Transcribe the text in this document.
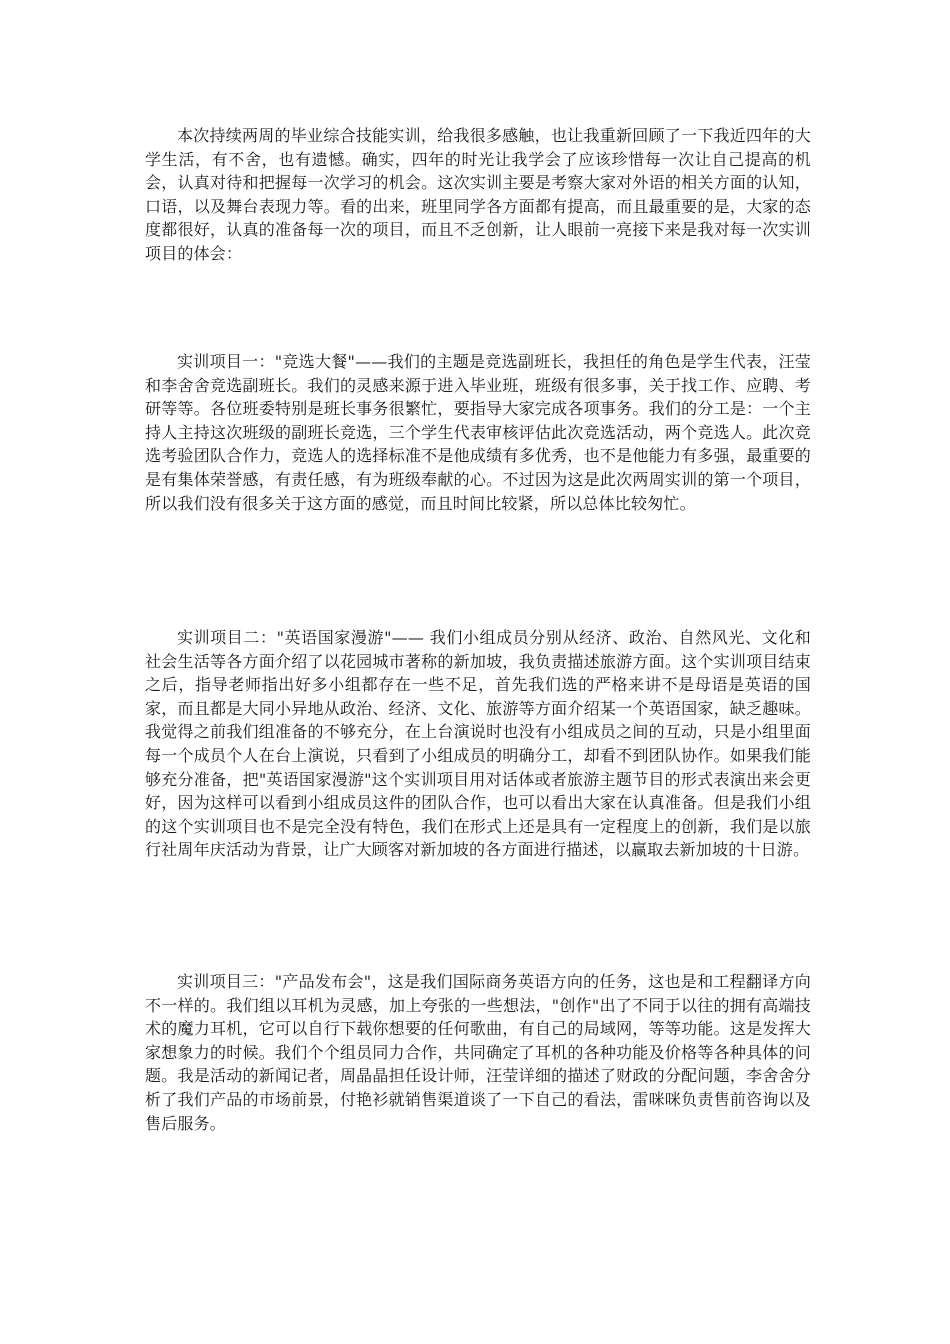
本次持续两周的毕业综合技能实训，给我很多感触，也让我重新回顾了一下我近四年的大学生活，有不舍，也有遗憾。确实，四年的时光让我学会了应该珍惜每一次让自己提高的机会，认真对待和把握每一次学习的机会。这次实训主要是考察大家对外语的相关方面的认知，口语，以及舞台表现力等。看的出来，班里同学各方面都有提高，而且最重要的是，大家的态度都很好，认真的准备每一次的项目，而且不乏创新，让人眼前一亮接下来是我对每一次实训项目的体会：

实训项目一："竞选大餐"——我们的主题是竞选副班长，我担任的角色是学生代表，汪莹和李舍舍竞选副班长。我们的灵感来源于进入毕业班，班级有很多事，关于找工作、应聘、考研等等。各位班委特别是班长事务很繁忙，要指导大家完成各项事务。我们的分工是：一个主持人主持这次班级的副班长竞选，三个学生代表审核评估此次竞选活动，两个竞选人。此次竞选考验团队合作力，竞选人的选择标准不是他成绩有多优秀，也不是他能力有多强，最重要的是有集体荣誉感，有责任感，有为班级奉献的心。不过因为这是此次两周实训的第一个项目，所以我们没有很多关于这方面的感觉，而且时间比较紧，所以总体比较匆忙。

实训项目二："英语国家漫游"—— 我们小组成员分别从经济、政治、自然风光、文化和社会生活等各方面介绍了以花园城市著称的新加坡，我负责描述旅游方面。这个实训项目结束之后，指导老师指出好多小组都存在一些不足，首先我们选的严格来讲不是母语是英语的国家，而且都是大同小异地从政治、经济、文化、旅游等方面介绍某一个英语国家，缺乏趣味。我觉得之前我们组准备的不够充分，在上台演说时也没有小组成员之间的互动，只是小组里面每一个成员个人在台上演说，只看到了小组成员的明确分工，却看不到团队协作。如果我们能够充分准备，把"英语国家漫游"这个实训项目用对话体或者旅游主题节目的形式表演出来会更好，因为这样可以看到小组成员这件的团队合作，也可以看出大家在认真准备。但是我们小组的这个实训项目也不是完全没有特色，我们在形式上还是具有一定程度上的创新，我们是以旅行社周年庆活动为背景，让广大顾客对新加坡的各方面进行描述，以赢取去新加坡的十日游。

实训项目三："产品发布会"，这是我们国际商务英语方向的任务，这也是和工程翻译方向不一样的。我们组以耳机为灵感，加上夸张的一些想法，"创作"出了不同于以往的拥有高端技术的魔力耳机，它可以自行下载你想要的任何歌曲，有自己的局域网，等等功能。这是发挥大家想象力的时候。我们个个组员同力合作，共同确定了耳机的各种功能及价格等各种具体的问题。我是活动的新闻记者，周晶晶担任设计师，汪莹详细的描述了财政的分配问题，李舍舍分析了我们产品的市场前景，付艳衫就销售渠道谈了一下自己的看法，雷咪咪负责售前咨询以及售后服务。
